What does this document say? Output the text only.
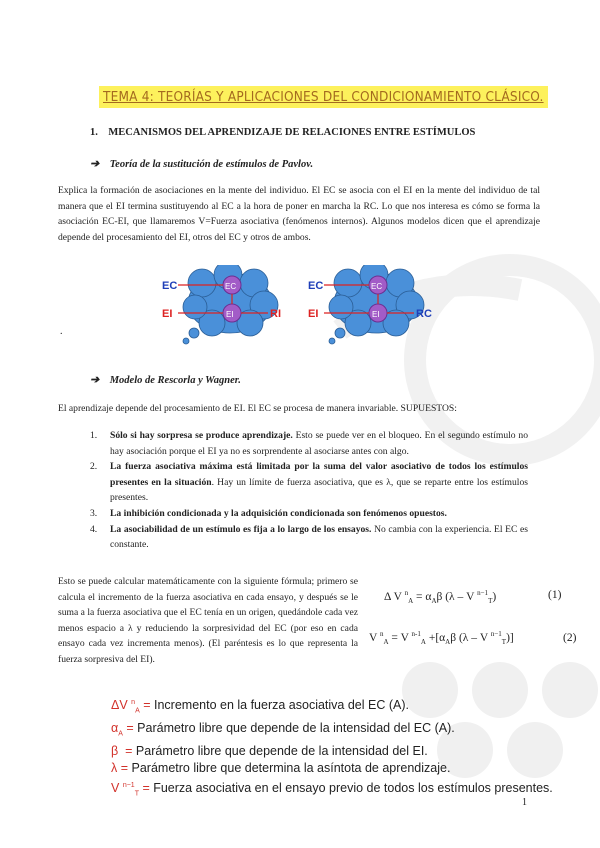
TEMA 4: TEORÍAS Y APLICACIONES DEL CONDICIONAMIENTO CLÁSICO.
1. MECANISMOS DEL APRENDIZAJE DE RELACIONES ENTRE ESTÍMULOS
➔ Teoría de la sustitución de estímulos de Pavlov.
Explica la formación de asociaciones en la mente del individuo. El EC se asocia con el EI en la mente del individuo de tal manera que el EI termina sustituyendo al EC a la hora de poner en marcha la RC. Lo que nos interesa es cómo se forma la asociación EC-EI, que llamaremos V=Fuerza asociativa (fenómenos internos). Algunos modelos dicen que el aprendizaje depende del procesamiento del EI, otros del EC y otros de ambos.
EC
EI
EC
EI	RI
EC
EI
EC
EI	RC
.
➔ Modelo de Rescorla y Wagner.
El aprendizaje depende del procesamiento de EI. El EC se procesa de manera invariable. SUPUESTOS:
1. Sólo si hay sorpresa se produce aprendizaje. Esto se puede ver en el bloqueo. En el segundo estímulo no hay asociación porque el EI ya no es sorprendente al asociarse antes con algo.
2. La fuerza asociativa máxima está limitada por la suma del valor asociativo de todos los estímulos presentes en la situación. Hay un límite de fuerza asociativa, que es λ, que se reparte entre los estímulos presentes.
3. La inhibición condicionada y la adquisición condicionada son fenómenos opuestos.
4. La asociabilidad de un estímulo es fija a lo largo de los ensayos. No cambia con la experiencia. El EC es constante.
Esto se puede calcular matemáticamente con la siguiente fórmula; primero se calcula el incremento de la fuerza asociativa en cada ensayo, y después se le suma a la fuerza asociativa que el EC tenía en un origen, quedándole cada vez menos espacio a λ y reduciendo la sorpresividad del EC (por eso en cada ensayo cada vez incrementa menos). (El paréntesis es lo que representa la fuerza sorpresiva del EI).
Δ V $^n_A = \alpha_A\beta$ (λ – V $^{n-1}_T$)	(1)
V $^n_A$ = V $^{n-1}_A +[\alpha_A\beta$ (λ – V $^{n-1}_T$)]	(2)
ΔV $^n_A$ = Incremento en la fuerza asociativa del EC (A).
$\alpha_A$ = Parámetro libre que depende de la intensidad del EC (A).
β  = Parámetro libre que depende de la intensidad del EI.
λ = Parámetro libre que determina la asíntota de aprendizaje.
V $^{n-1}_T$ = Fuerza asociativa en el ensayo previo de todos los estímulos presentes.
1
